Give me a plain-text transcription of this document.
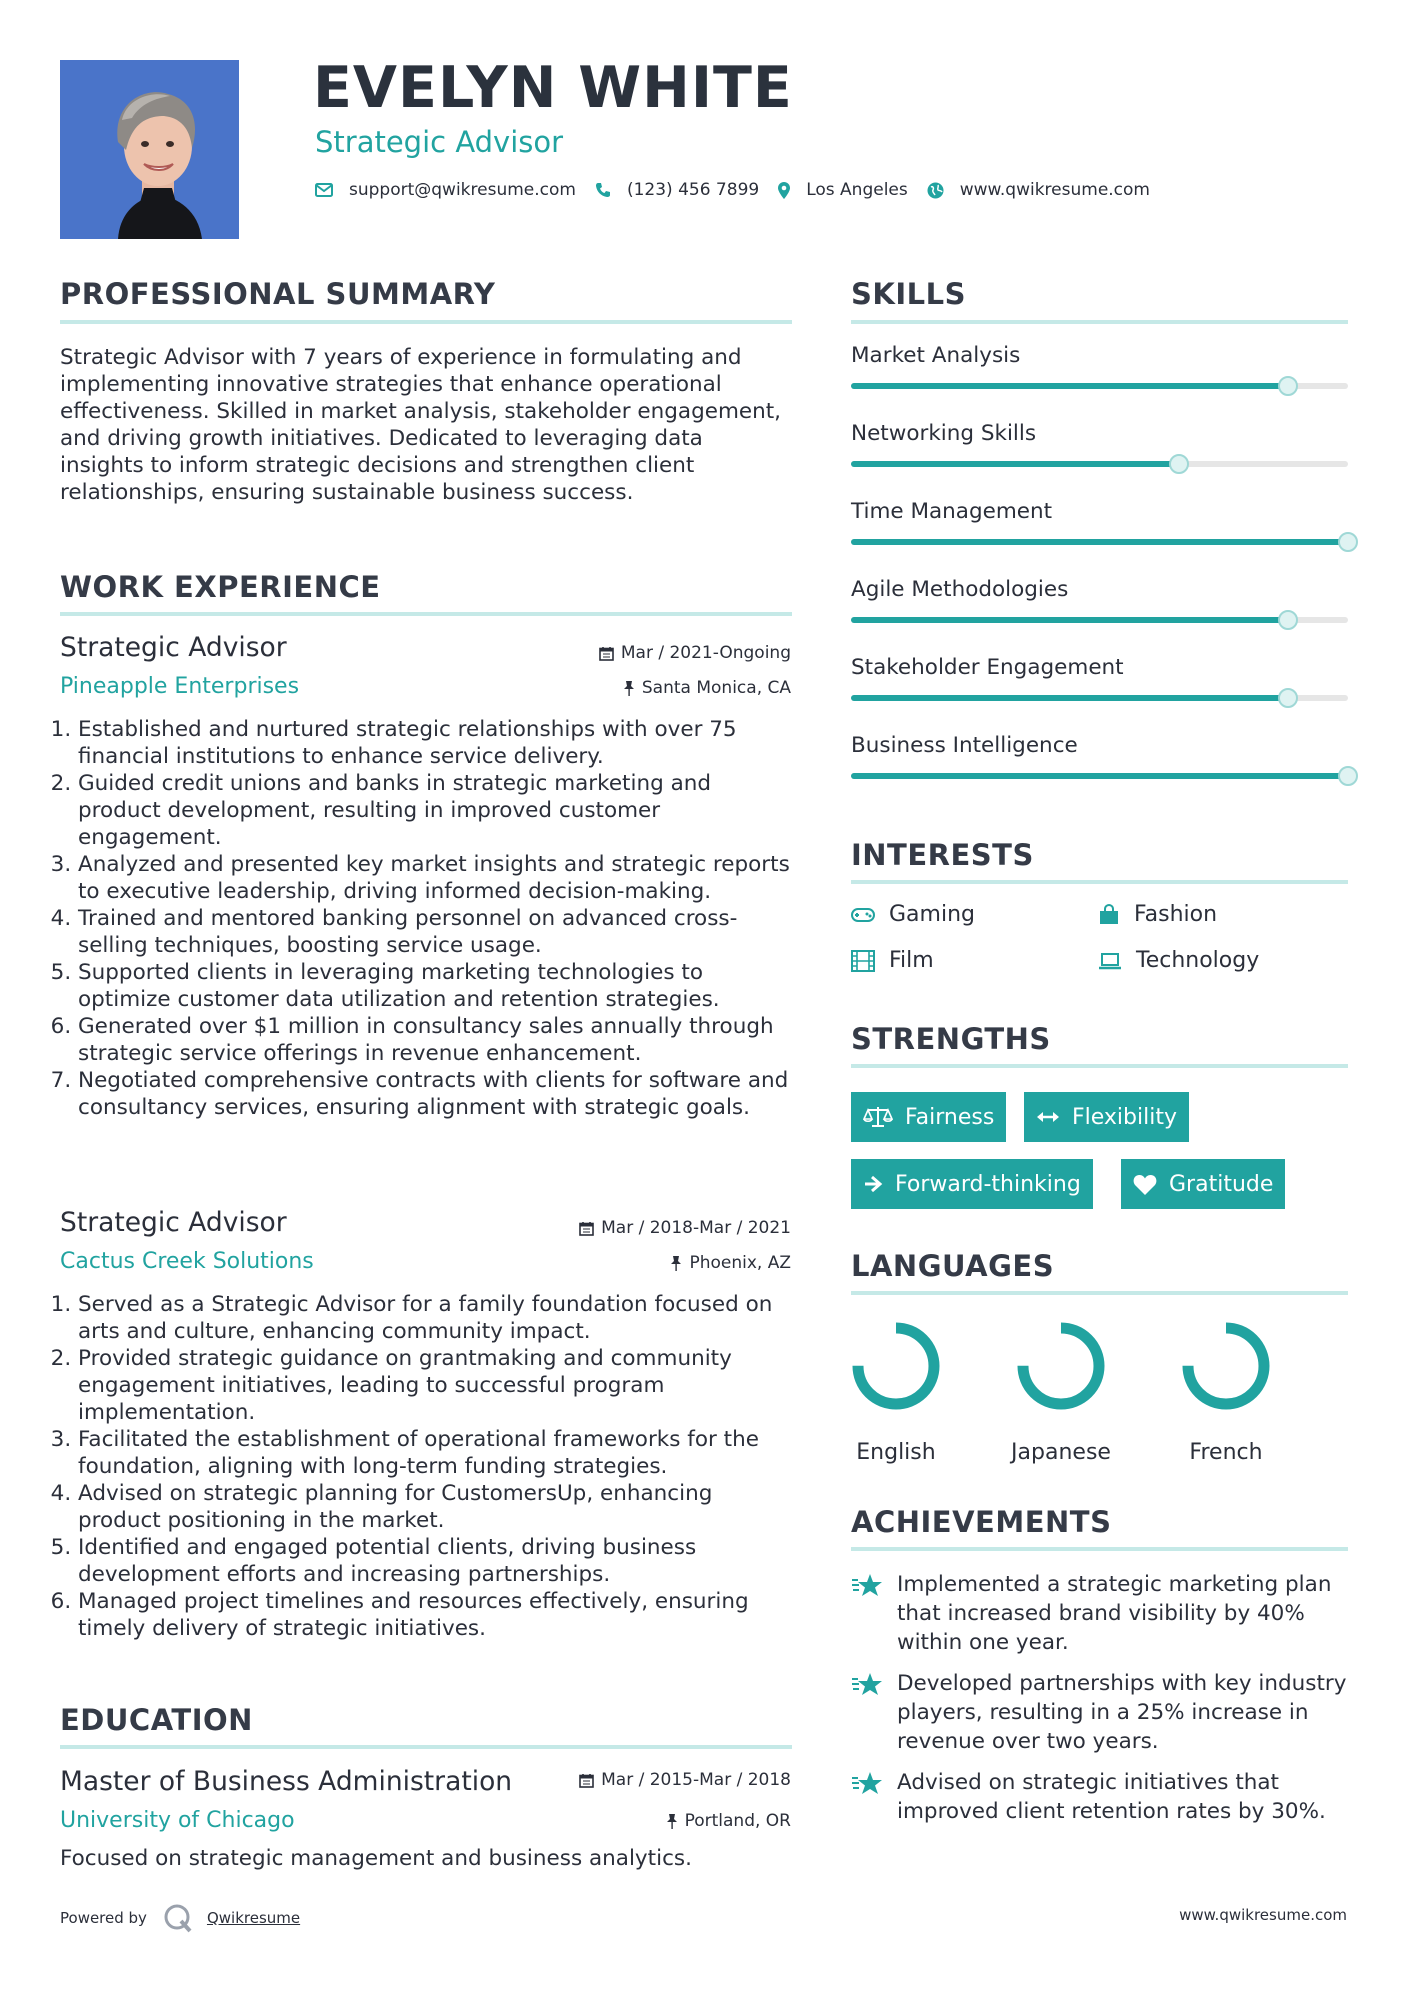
EVELYN WHITE
Strategic Advisor
support@qwikresume.com	(123) 456 7899	Los Angeles	www.qwikresume.com
PROFESSIONAL SUMMARY
Strategic Advisor with 7 years of experience in formulating and implementing innovative strategies that enhance operational effectiveness. Skilled in market analysis, stakeholder engagement, and driving growth initiatives. Dedicated to leveraging data insights to inform strategic decisions and strengthen client relationships, ensuring sustainable business success.
WORK EXPERIENCE
Strategic Advisor
Pineapple Enterprises
Mar / 2021-Ongoing
Santa Monica, CA
1. Established and nurtured strategic relationships with over 75 financial institutions to enhance service delivery.
2. Guided credit unions and banks in strategic marketing and product development, resulting in improved customer engagement.
3. Analyzed and presented key market insights and strategic reports to executive leadership, driving informed decision-making.
4. Trained and mentored banking personnel on advanced cross-selling techniques, boosting service usage.
5. Supported clients in leveraging marketing technologies to optimize customer data utilization and retention strategies.
6. Generated over $1 million in consultancy sales annually through strategic service offerings in revenue enhancement.
7. Negotiated comprehensive contracts with clients for software and consultancy services, ensuring alignment with strategic goals.
Strategic Advisor
Cactus Creek Solutions
Mar / 2018-Mar / 2021
Phoenix, AZ
1. Served as a Strategic Advisor for a family foundation focused on arts and culture, enhancing community impact.
2. Provided strategic guidance on grantmaking and community engagement initiatives, leading to successful program implementation.
3. Facilitated the establishment of operational frameworks for the foundation, aligning with long-term funding strategies.
4. Advised on strategic planning for CustomersUp, enhancing product positioning in the market.
5. Identified and engaged potential clients, driving business development efforts and increasing partnerships.
6. Managed project timelines and resources effectively, ensuring timely delivery of strategic initiatives.
EDUCATION
Master of Business Administration
University of Chicago
Mar / 2015-Mar / 2018
Portland, OR
Focused on strategic management and business analytics.
SKILLS
Market Analysis
Networking Skills
Time Management
Agile Methodologies
Stakeholder Engagement
Business Intelligence
INTERESTS
Gaming	Fashion
Film	Technology
STRENGTHS
Fairness	Flexibility
Forward-thinking	Gratitude
LANGUAGES
English	Japanese	French
ACHIEVEMENTS
Implemented a strategic marketing plan that increased brand visibility by 40% within one year.
Developed partnerships with key industry players, resulting in a 25% increase in revenue over two years.
Advised on strategic initiatives that improved client retention rates by 30%.
Powered by	Qwikresume	www.qwikresume.com
